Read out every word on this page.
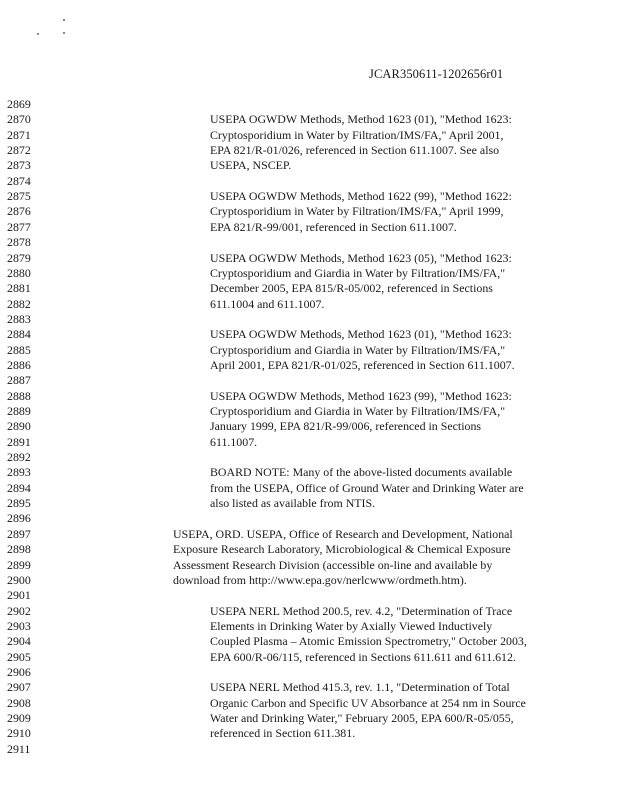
JCAR350611-1202656r01
2869
2870	USEPA OGWDW Methods, Method 1623 (01), "Method 1623:
2871	Cryptosporidium in Water by Filtration/IMS/FA," April 2001,
2872	EPA 821/R-01/026, referenced in Section 611.1007. See also
2873	USEPA, NSCEP.
2874
2875	USEPA OGWDW Methods, Method 1622 (99), "Method 1622:
2876	Cryptosporidium in Water by Filtration/IMS/FA," April 1999,
2877	EPA 821/R-99/001, referenced in Section 611.1007.
2878
2879	USEPA OGWDW Methods, Method 1623 (05), "Method 1623:
2880	Cryptosporidium and Giardia in Water by Filtration/IMS/FA,"
2881	December 2005, EPA 815/R-05/002, referenced in Sections
2882	611.1004 and 611.1007.
2883
2884	USEPA OGWDW Methods, Method 1623 (01), "Method 1623:
2885	Cryptosporidium and Giardia in Water by Filtration/IMS/FA,"
2886	April 2001, EPA 821/R-01/025, referenced in Section 611.1007.
2887
2888	USEPA OGWDW Methods, Method 1623 (99), "Method 1623:
2889	Cryptosporidium and Giardia in Water by Filtration/IMS/FA,"
2890	January 1999, EPA 821/R-99/006, referenced in Sections
2891	611.1007.
2892
2893	BOARD NOTE: Many of the above-listed documents available
2894	from the USEPA, Office of Ground Water and Drinking Water are
2895	also listed as available from NTIS.
2896
2897	USEPA, ORD. USEPA, Office of Research and Development, National
2898	Exposure Research Laboratory, Microbiological & Chemical Exposure
2899	Assessment Research Division (accessible on-line and available by
2900	download from http://www.epa.gov/nerlcwww/ordmeth.htm).
2901
2902	USEPA NERL Method 200.5, rev. 4.2, "Determination of Trace
2903	Elements in Drinking Water by Axially Viewed Inductively
2904	Coupled Plasma – Atomic Emission Spectrometry," October 2003,
2905	EPA 600/R-06/115, referenced in Sections 611.611 and 611.612.
2906
2907	USEPA NERL Method 415.3, rev. 1.1, "Determination of Total
2908	Organic Carbon and Specific UV Absorbance at 254 nm in Source
2909	Water and Drinking Water," February 2005, EPA 600/R-05/055,
2910	referenced in Section 611.381.
2911
